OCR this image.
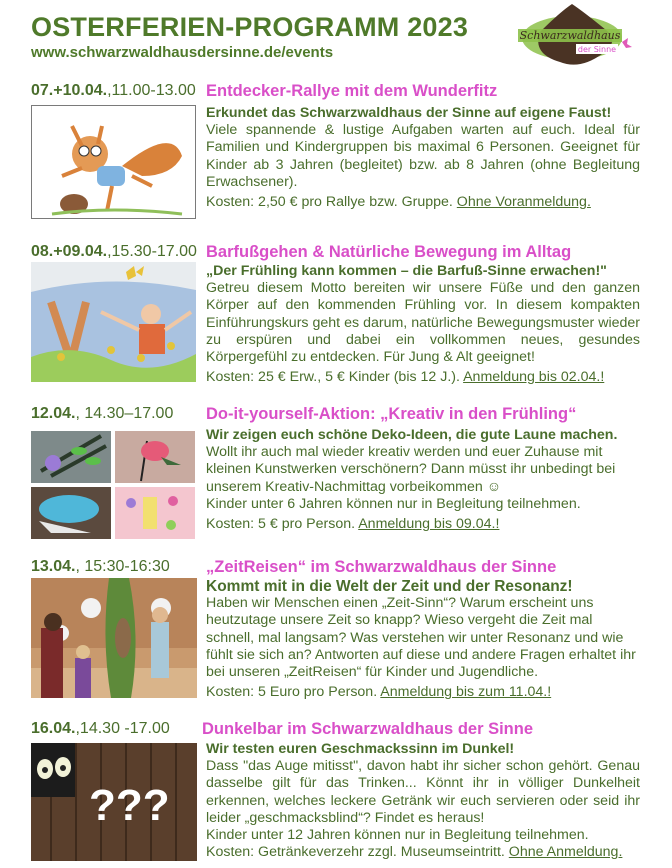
OSTERFERIEN-PROGRAMM 2023
www.schwarzwaldhausdersinne.de/events
Schwarzwaldhaus
der Sinne
07.+10.04.,11.00-13.00 Entdecker-Rallye mit dem Wunderfitz

Erkundet das Schwarzwaldhaus der Sinne auf eigene Faust!

Viele spannende & lustige Aufgaben warten auf euch. Ideal für Familien und Kindergruppen bis maximal 6 Personen. Geeignet für Kinder ab 3 Jahren (begleitet) bzw. ab 8 Jahren (ohne Begleitung Erwachsener).

Kosten: 2,50 € pro Rallye bzw. Gruppe. Ohne Voranmeldung.

08.+09.04.,15.30-17.00 Barfußgehen & Natürliche Bewegung im Alltag

„Der Frühling kann kommen – die Barfuß-Sinne erwachen!"

Getreu diesem Motto bereiten wir unsere Füße und den ganzen Körper auf den kommenden Frühling vor. In diesem kompakten Einführungskurs geht es darum, natürliche Bewegungsmuster wieder zu erspüren und dabei ein vollkommen neues, gesundes Körpergefühl zu entdecken. Für Jung & Alt geeignet!

Kosten: 25 € Erw., 5 € Kinder (bis 12 J.). Anmeldung bis 02.04.!

12.04., 14.30–17.00 Do-it-yourself-Aktion: „Kreativ in den Frühling“

Wir zeigen euch schöne Deko-Ideen, die gute Laune machen.

Wollt ihr auch mal wieder kreativ werden und euer Zuhause mit kleinen Kunstwerken verschönern? Dann müsst ihr unbedingt bei unserem Kreativ-Nachmittag vorbeikommen ☺

Kinder unter 6 Jahren können nur in Begleitung teilnehmen.

Kosten: 5 € pro Person. Anmeldung bis 09.04.!

13.04., 15:30-16:30 „ZeitReisen“ im Schwarzwaldhaus der Sinne

Kommt mit in die Welt der Zeit und der Resonanz!

Haben wir Menschen einen „Zeit-Sinn“? Warum erscheint uns heutzutage unsere Zeit so knapp? Wieso vergeht die Zeit mal schnell, mal langsam? Was verstehen wir unter Resonanz und wie fühlt sie sich an? Antworten auf diese und andere Fragen erhaltet ihr bei unseren „ZeitReisen“ für Kinder und Jugendliche.

Kosten: 5 Euro pro Person. Anmeldung bis zum 11.04.!

16.04.,14.30 -17.00 Dunkelbar im Schwarzwaldhaus der Sinne
???

Wir testen euren Geschmackssinn im Dunkel!

Dass "das Auge mitisst", davon habt ihr sicher schon gehört. Genau dasselbe gilt für das Trinken... Könnt ihr in völliger Dunkelheit erkennen, welches leckere Getränk wir euch servieren oder seid ihr leider „geschmacksblind“? Findet es heraus!

Kinder unter 12 Jahren können nur in Begleitung teilnehmen.

Kosten: Getränkeverzehr zzgl. Museumseintritt. Ohne Anmeldung.
